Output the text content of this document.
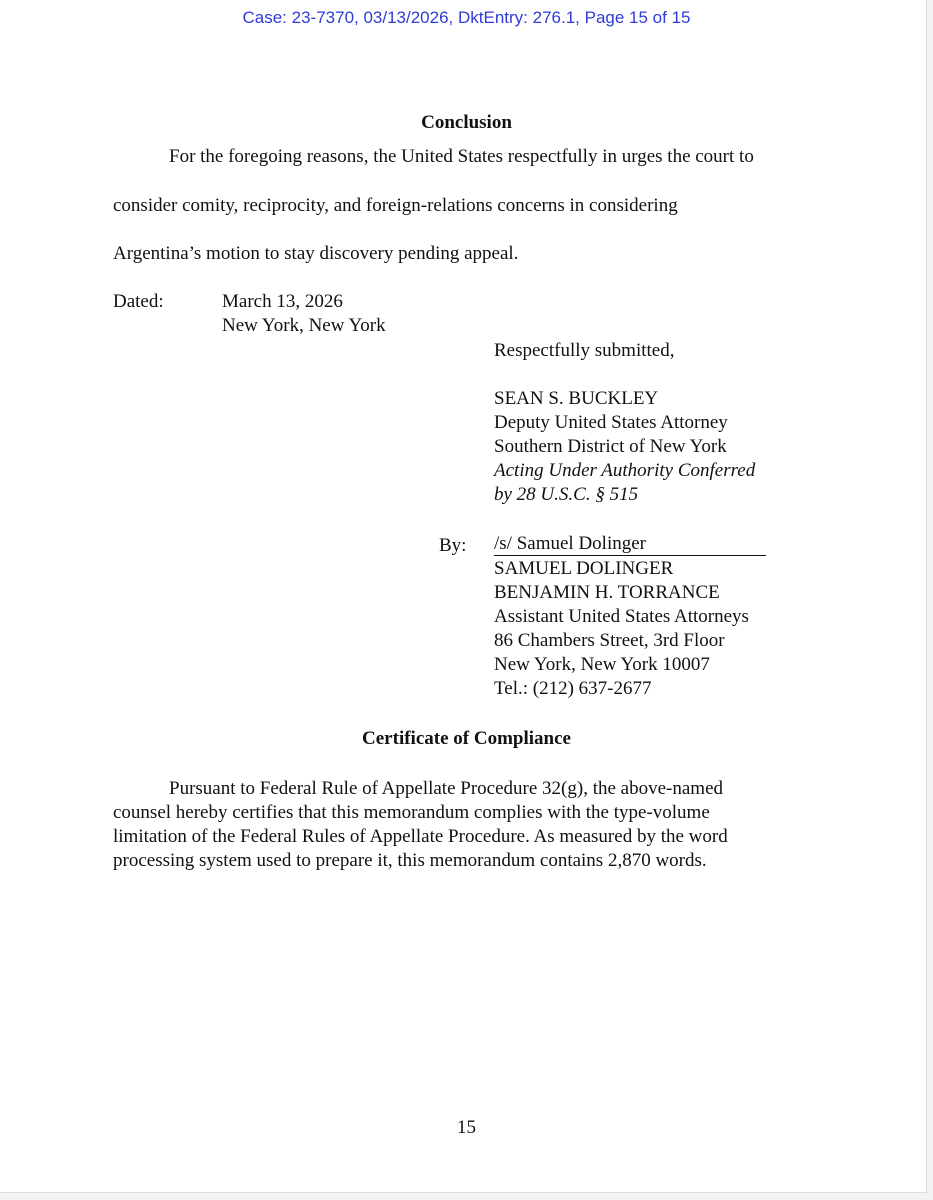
Case: 23-7370, 03/13/2026, DktEntry: 276.1, Page 15 of 15
Conclusion
For the foregoing reasons, the United States respectfully in urges the court to
consider comity, reciprocity, and foreign-relations concerns in considering
Argentina’s motion to stay discovery pending appeal.
Dated:	March 13, 2026
New York, New York
Respectfully submitted,
SEAN S. BUCKLEY
Deputy United States Attorney
Southern District of New York
Acting Under Authority Conferred
by 28 U.S.C. § 515
By: /s/ Samuel Dolinger
SAMUEL DOLINGER
BENJAMIN H. TORRANCE
Assistant United States Attorneys
86 Chambers Street, 3rd Floor
New York, New York 10007
Tel.: (212) 637-2677
Certificate of Compliance
Pursuant to Federal Rule of Appellate Procedure 32(g), the above-named
counsel hereby certifies that this memorandum complies with the type-volume
limitation of the Federal Rules of Appellate Procedure. As measured by the word
processing system used to prepare it, this memorandum contains 2,870 words.
15
